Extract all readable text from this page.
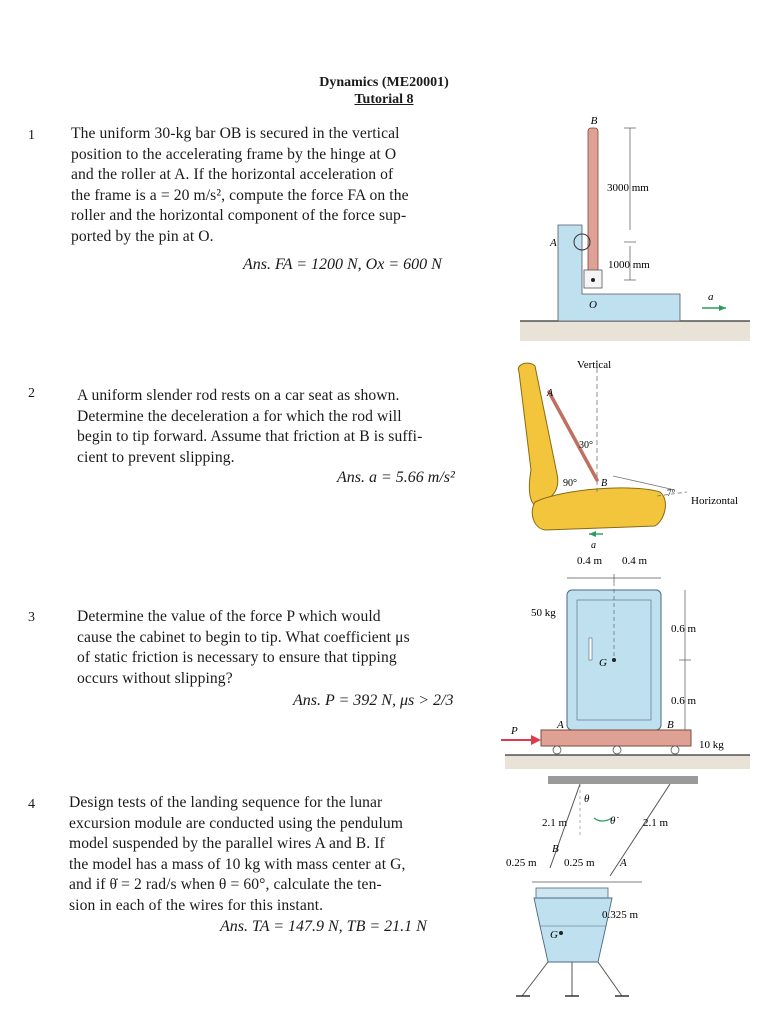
Dynamics (ME20001)
Tutorial 8
1 The uniform 30-kg bar OB is secured in the vertical
position to the accelerating frame by the hinge at O
and the roller at A. If the horizontal acceleration of
the frame is a = 20 m/s², compute the force FA on the
roller and the horizontal component of the force sup-
ported by the pin at O.
Ans. FA = 1200 N, Ox = 600 N
2	A uniform slender rod rests on a car seat as shown.
Determine the deceleration a for which the rod will
begin to tip forward. Assume that friction at B is suffi-
cient to prevent slipping.
Ans. a = 5.66 m/s²
3	Determine the value of the force P which would
cause the cabinet to begin to tip. What coefficient μs
of static friction is necessary to ensure that tipping
occurs without slipping?
Ans. P = 392 N, μs > 2/3
4 Design tests of the landing sequence for the lunar
excursion module are conducted using the pendulum
model suspended by the parallel wires A and B. If
the model has a mass of 10 kg with mass center at G,
and if θ̇ = 2 rad/s when θ = 60°, calculate the ten-
sion in each of the wires for this instant.
Ans. TA = 147.9 N, TB = 21.1 N
B
A
O
a
3000 mm
1000 mm
Vertical
A
30°
90° B
7°
Horizontal
a
0.4 m 0.4 m
50 kg
0.6 m
0.6 m
G
A	B
P
10 kg
θ
θ̇
2.1 m	2.1 m
B
A
0.25 m 0.25 m
0.325 m
G
